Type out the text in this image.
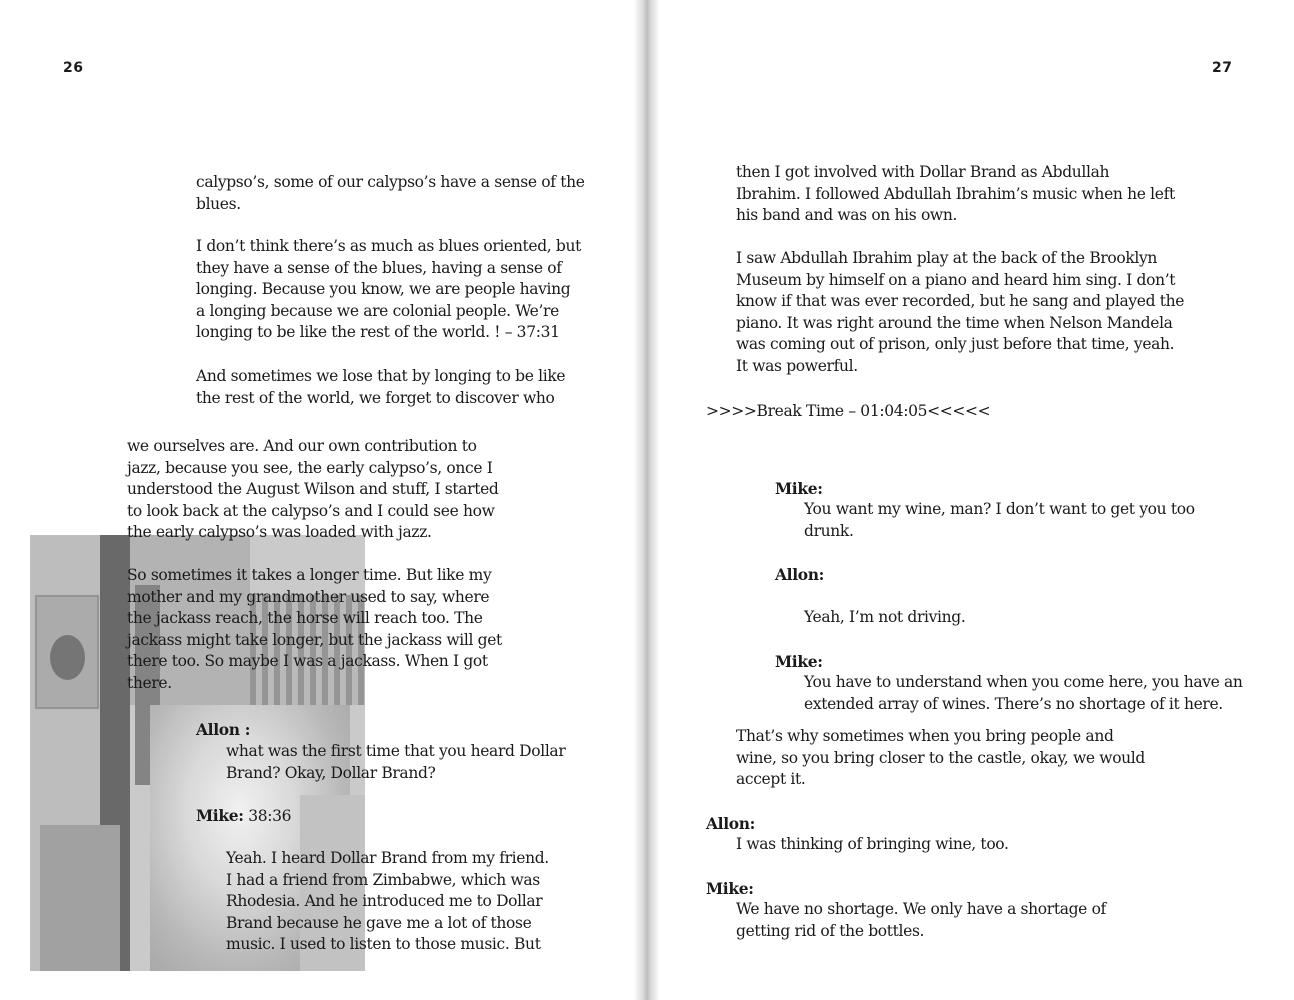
26

calypso’s, some of our calypso’s have a sense of the
blues.

I don’t think there’s as much as blues oriented, but
they have a sense of the blues, having a sense of
longing. Because you know, we are people having
a longing because we are colonial people. We’re
longing to be like the rest of the world. ! – 37:31

And sometimes we lose that by longing to be like
the rest of the world, we forget to discover who

we ourselves are. And our own contribution to
jazz, because you see, the early calypso’s, once I
understood the August Wilson and stuff, I started
to look back at the calypso’s and I could see how
the early calypso’s was loaded with jazz.

So sometimes it takes a longer time. But like my
mother and my grandmother used to say, where
the jackass reach, the horse will reach too. The
jackass might take longer, but the jackass will get
there too. So maybe I was a jackass. When I got
there.

Allon :

what was the first time that you heard Dollar
Brand? Okay, Dollar Brand?

Mike: 38:36

Yeah. I heard Dollar Brand from my friend.
I had a friend from Zimbabwe, which was
Rhodesia. And he introduced me to Dollar
Brand because he gave me a lot of those
music. I used to listen to those music. But

27

then I got involved with Dollar Brand as Abdullah
Ibrahim. I followed Abdullah Ibrahim’s music when he left
his band and was on his own.

I saw Abdullah Ibrahim play at the back of the Brooklyn
Museum by himself on a piano and heard him sing. I don’t
know if that was ever recorded, but he sang and played the
piano. It was right around the time when Nelson Mandela
was coming out of prison, only just before that time, yeah.
It was powerful.

>>>>Break Time – 01:04:05<<<<<

Mike:

You want my wine, man? I don’t want to get you too
drunk.

Allon:

Yeah, I’m not driving.

Mike:

You have to understand when you come here, you have an
extended array of wines. There’s no shortage of it here.

That’s why sometimes when you bring people and
wine, so you bring closer to the castle, okay, we would
accept it.

Allon:

I was thinking of bringing wine, too.

Mike:

We have no shortage. We only have a shortage of
getting rid of the bottles.
